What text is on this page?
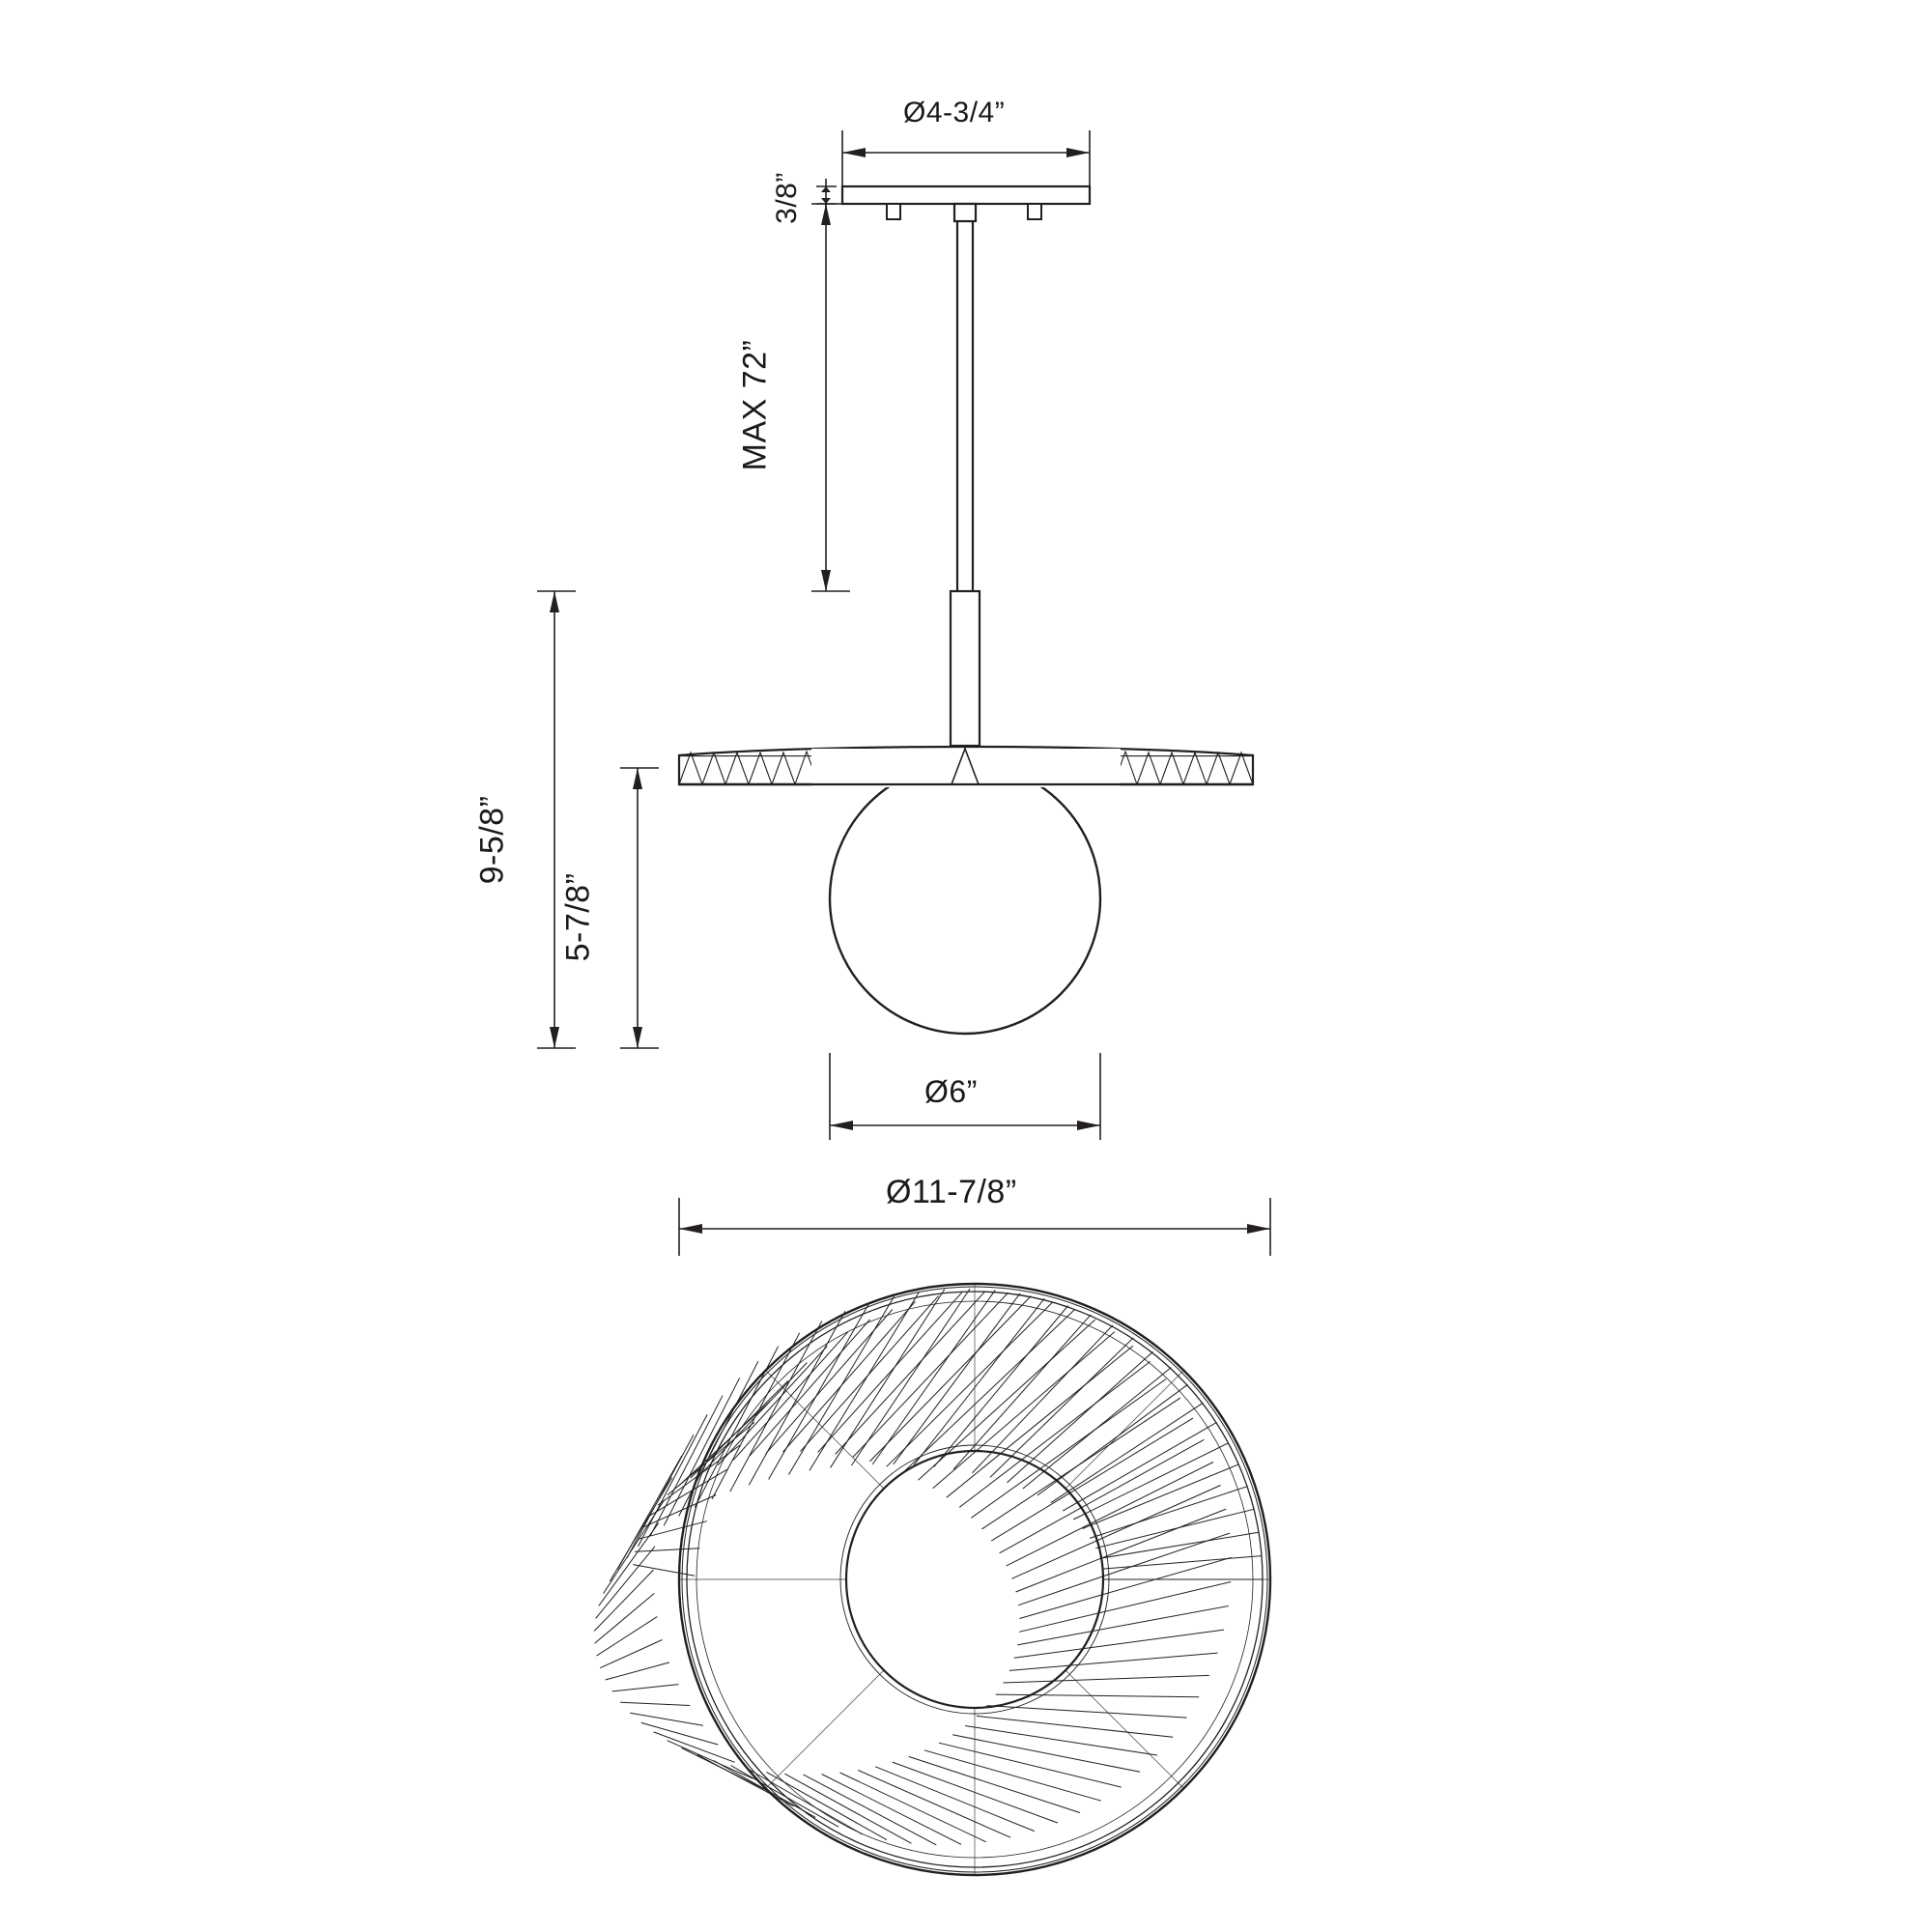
Ø4-3/4”
3/8”
MAX 72”
9-5/8”
5-7/8”
Ø6”
Ø11-7/8”
